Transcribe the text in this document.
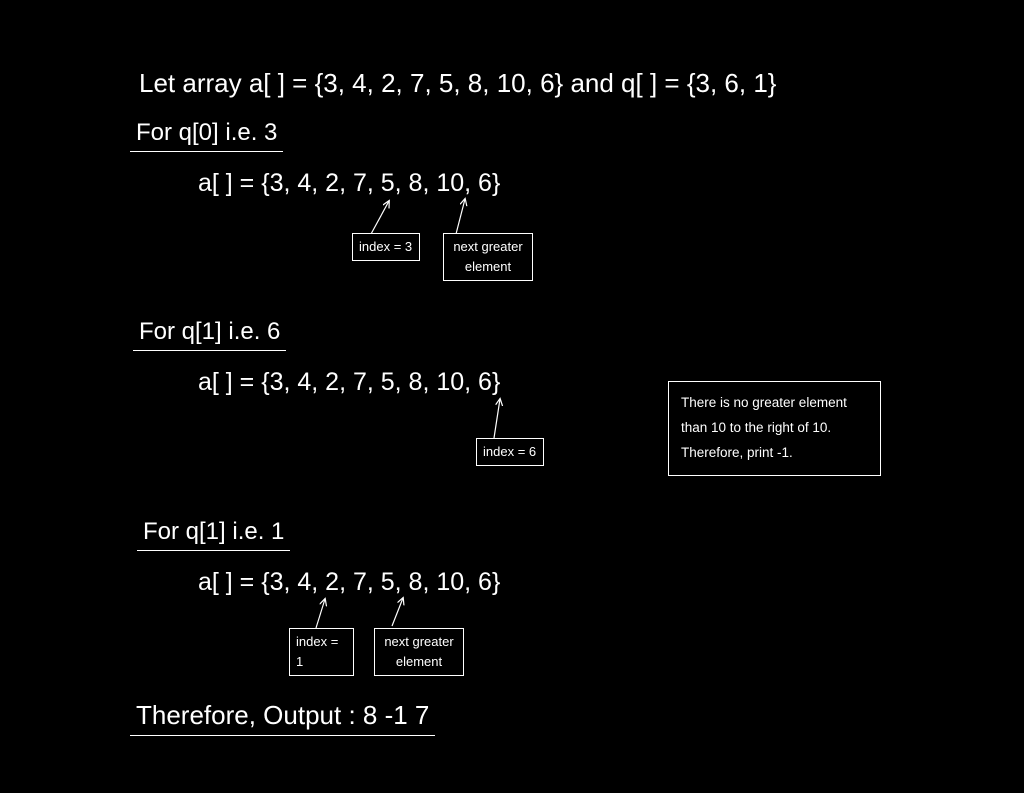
Let array a[ ] = {3, 4, 2, 7, 5, 8, 10, 6} and q[ ] = {3, 6, 1}
For q[0] i.e. 3
a[ ] = {3, 4, 2, 7, 5, 8, 10, 6}
index = 3	next greater
element
For q[1] i.e. 6
a[ ] = {3, 4, 2, 7, 5, 8, 10, 6}
index = 6
There is no greater element
than 10 to the right of 10.
Therefore, print -1.
For q[1] i.e. 1
a[ ] = {3, 4, 2, 7, 5, 8, 10, 6}
index = 1
next greater
element
Therefore, Output : 8 -1 7
